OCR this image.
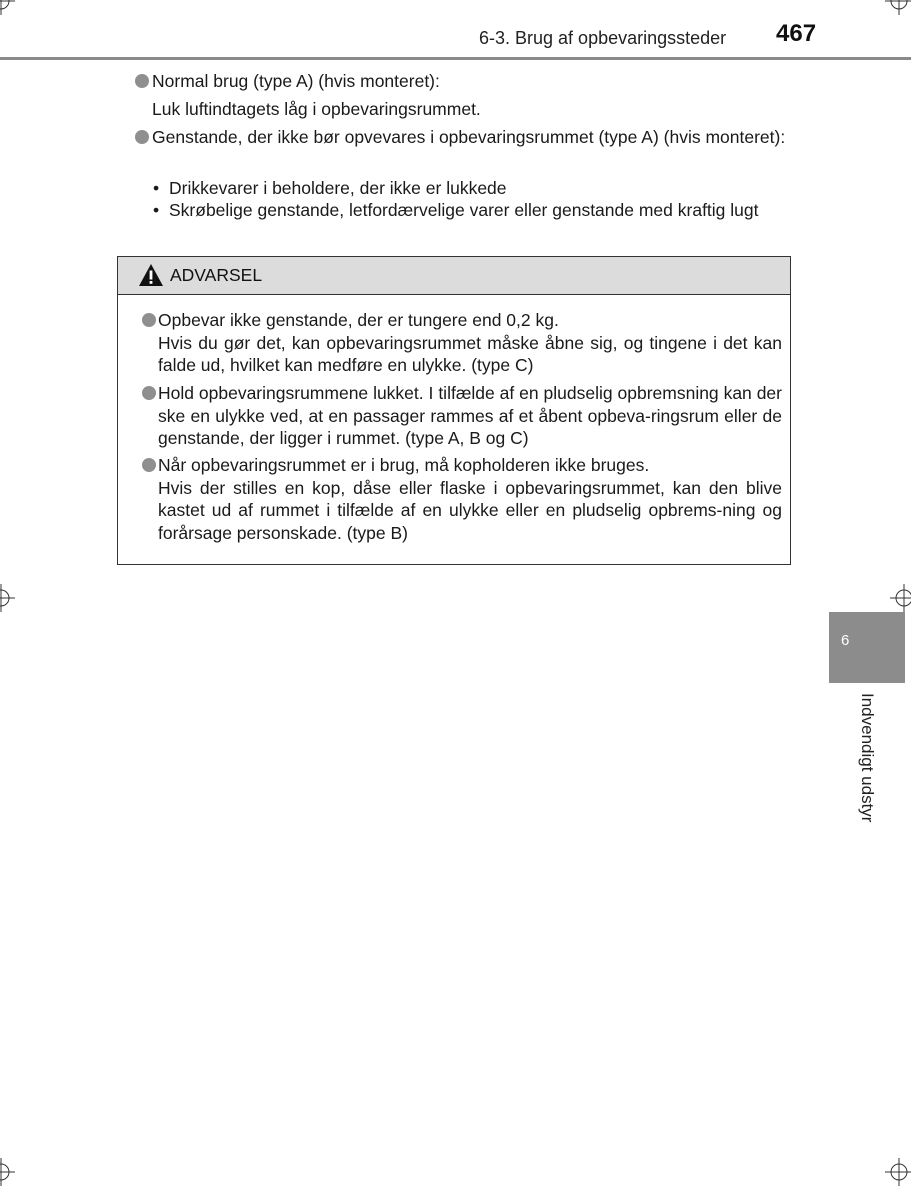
6-3. Brug af opbevaringssteder 467
Normal brug (type A) (hvis monteret):
Luk luftindtagets låg i opbevaringsrummet.
Genstande, der ikke bør opvevares i opbevaringsrummet (type A) (hvis monteret):
• Drikkevarer i beholdere, der ikke er lukkede
• Skrøbelige genstande, letfordærvelige varer eller genstande med kraftig lugt
ADVARSEL
Opbevar ikke genstande, der er tungere end 0,2 kg.
Hvis du gør det, kan opbevaringsrummet måske åbne sig, og tingene i det kan falde ud, hvilket kan medføre en ulykke. (type C)
Hold opbevaringsrummene lukket. I tilfælde af en pludselig opbremsning kan der ske en ulykke ved, at en passager rammes af et åbent opbeva-ringsrum eller de genstande, der ligger i rummet. (type A, B og C)
Når opbevaringsrummet er i brug, må kopholderen ikke bruges.
Hvis der stilles en kop, dåse eller flaske i opbevaringsrummet, kan den blive kastet ud af rummet i tilfælde af en ulykke eller en pludselig opbrems-ning og forårsage personskade. (type B)
6
Indvendigt udstyr
